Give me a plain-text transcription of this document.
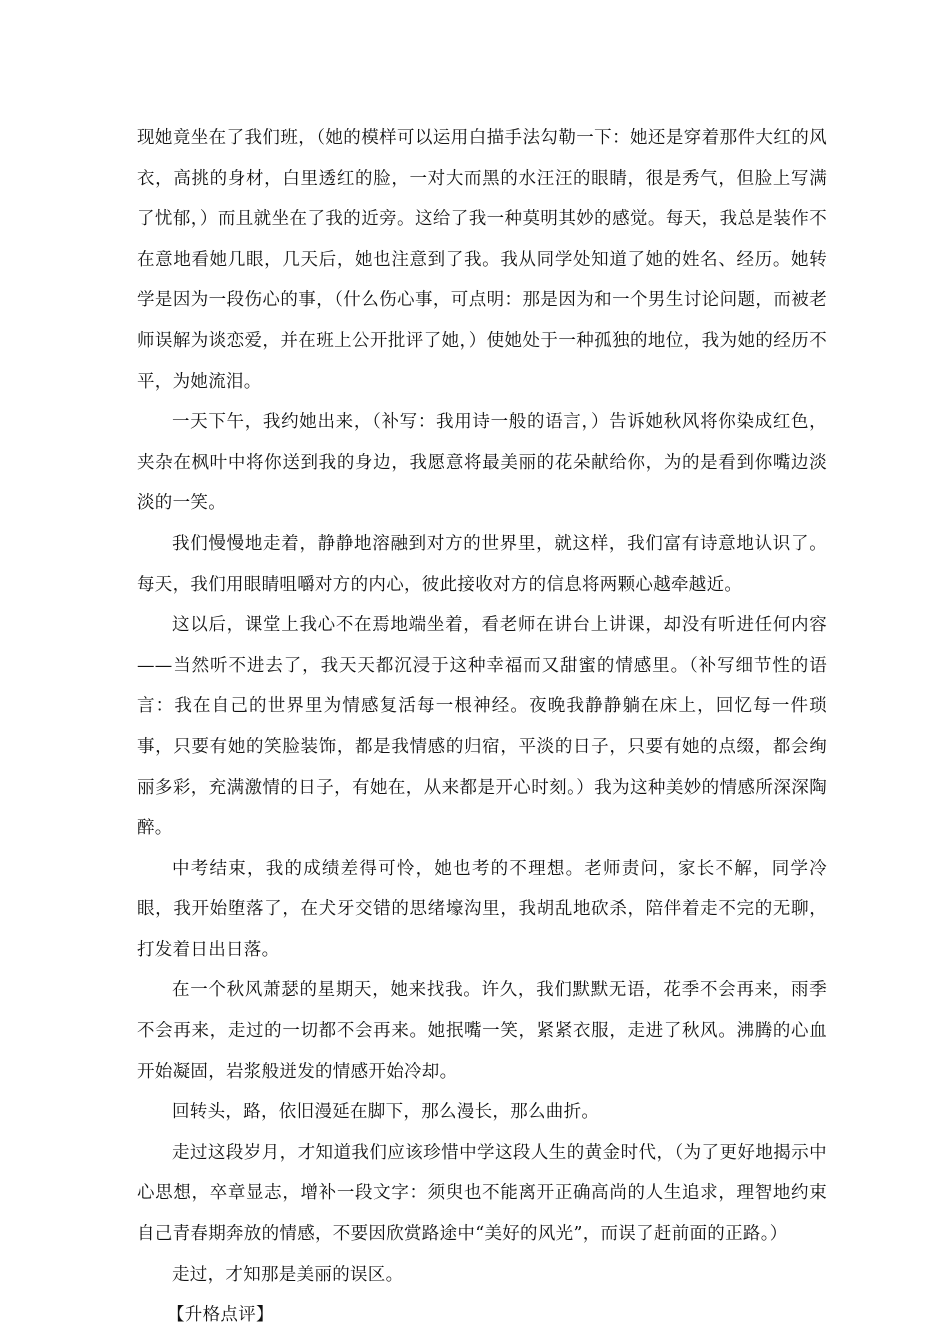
现她竟坐在了我们班，（她的模样可以运用白描手法勾勒一下：她还是穿着那件大红的风衣，高挑的身材，白里透红的脸，一对大而黑的水汪汪的眼睛，很是秀气，但脸上写满了忧郁，）而且就坐在了我的近旁。这给了我一种莫明其妙的感觉。每天，我总是装作不在意地看她几眼，几天后，她也注意到了我。我从同学处知道了她的姓名、经历。她转学是因为一段伤心的事，（什么伤心事，可点明：那是因为和一个男生讨论问题，而被老师误解为谈恋爱，并在班上公开批评了她，）使她处于一种孤独的地位，我为她的经历不平，为她流泪。

一天下午，我约她出来，（补写：我用诗一般的语言，）告诉她秋风将你染成红色，夹杂在枫叶中将你送到我的身边，我愿意将最美丽的花朵献给你，为的是看到你嘴边淡淡的一笑。

我们慢慢地走着，静静地溶融到对方的世界里，就这样，我们富有诗意地认识了。每天，我们用眼睛咀嚼对方的内心，彼此接收对方的信息将两颗心越牵越近。

这以后，课堂上我心不在焉地端坐着，看老师在讲台上讲课，却没有听进任何内容——当然听不进去了，我天天都沉浸于这种幸福而又甜蜜的情感里。（补写细节性的语言：我在自己的世界里为情感复活每一根神经。夜晚我静静躺在床上，回忆每一件琐事，只要有她的笑脸装饰，都是我情感的归宿，平淡的日子，只要有她的点缀，都会绚丽多彩，充满激情的日子，有她在，从来都是开心时刻。）我为这种美妙的情感所深深陶醉。

中考结束，我的成绩差得可怜，她也考的不理想。老师责问，家长不解，同学冷眼，我开始堕落了，在犬牙交错的思绪壕沟里，我胡乱地砍杀，陪伴着走不完的无聊，打发着日出日落。

在一个秋风萧瑟的星期天，她来找我。许久，我们默默无语，花季不会再来，雨季不会再来，走过的一切都不会再来。她抿嘴一笑，紧紧衣服，走进了秋风。沸腾的心血开始凝固，岩浆般迸发的情感开始冷却。

回转头，路，依旧漫延在脚下，那么漫长，那么曲折。

走过这段岁月，才知道我们应该珍惜中学这段人生的黄金时代，（为了更好地揭示中心思想，卒章显志，增补一段文字：须臾也不能离开正确高尚的人生追求，理智地约束自己青春期奔放的情感，不要因欣赏路途中“美好的风光”，而误了赶前面的正路。）

走过，才知那是美丽的误区。

【升格点评】
